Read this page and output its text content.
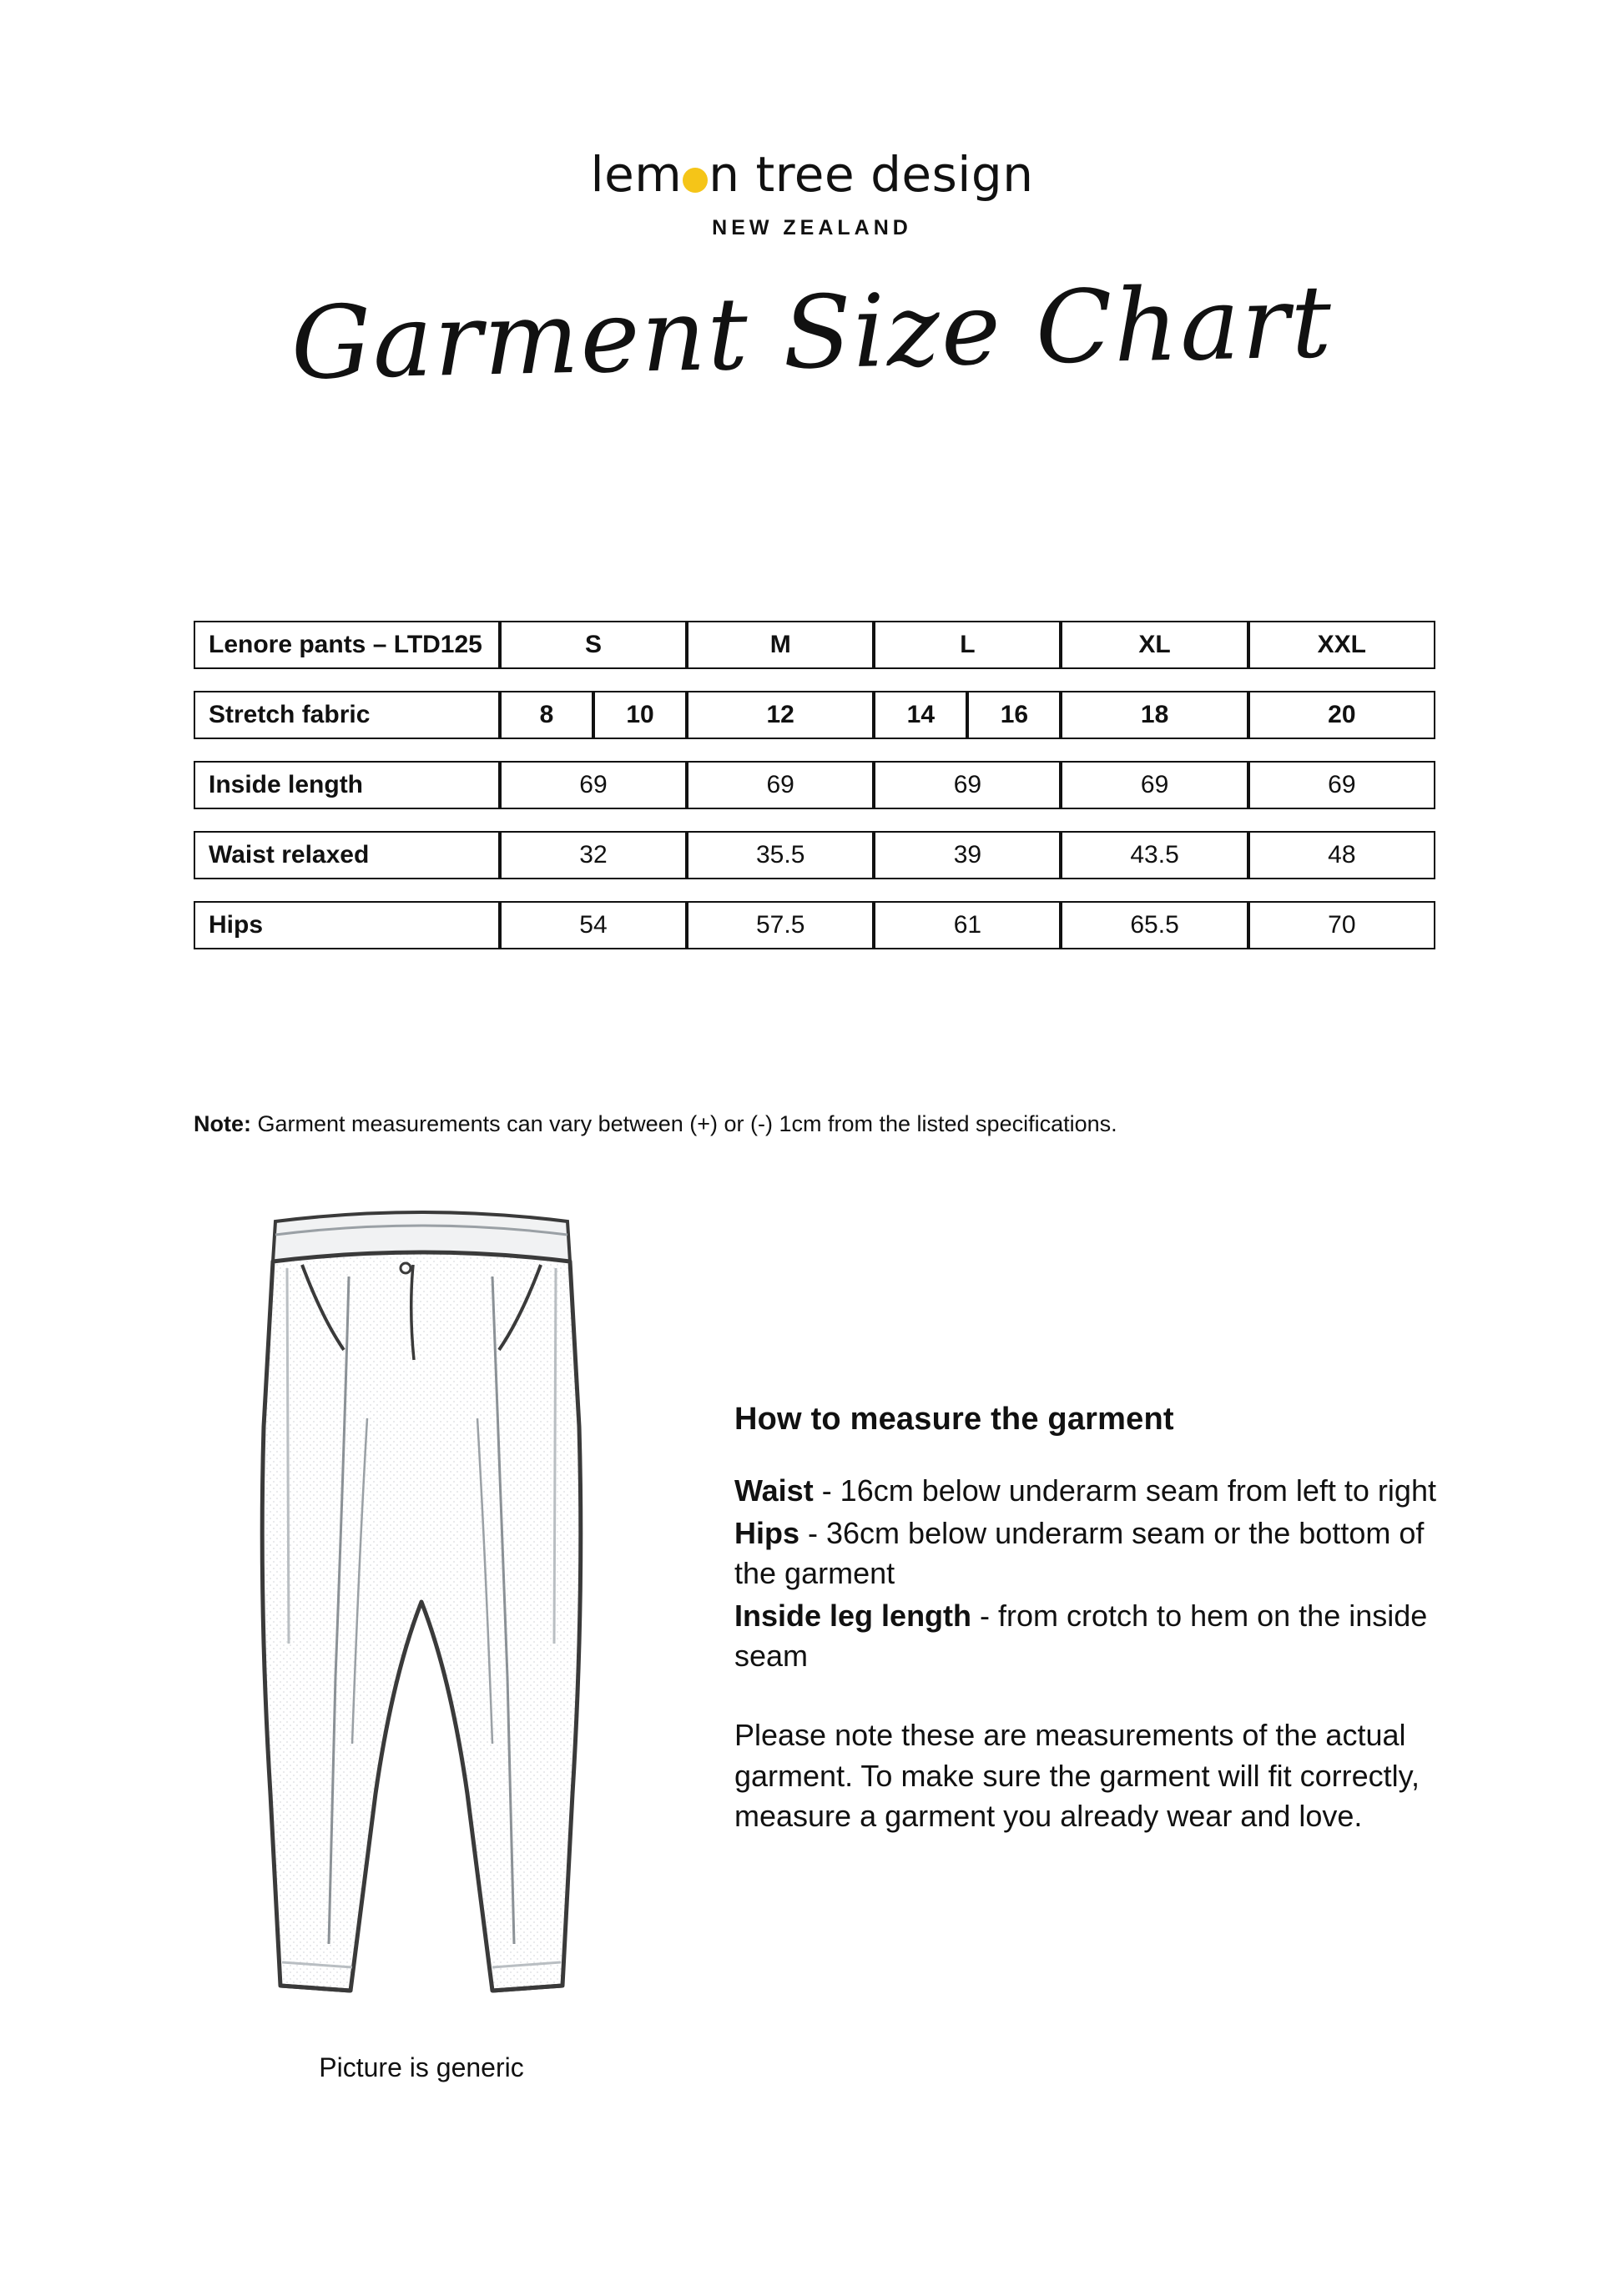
lem n tree design
NEW ZEALAND
Garment Size Chart
Lenore pants – LTD125	S		M	L		XL	XXL
Stretch fabric	8	10	12	14	16	18	20
Inside length	69		69	69		69	69
Waist relaxed	32		35.5	39		43.5	48
Hips	54		57.5	61		65.5	70
Note: Garment measurements can vary between (+) or (-) 1cm from the listed specifications.
Picture is generic
How to measure the garment

Waist - 16cm below underarm seam from left to right

Hips - 36cm below underarm seam or the bottom of the garment

Inside leg length - from crotch to hem on the inside seam

Please note these are measurements of the actual garment. To make sure the garment will fit correctly, measure a garment you already wear and love.
